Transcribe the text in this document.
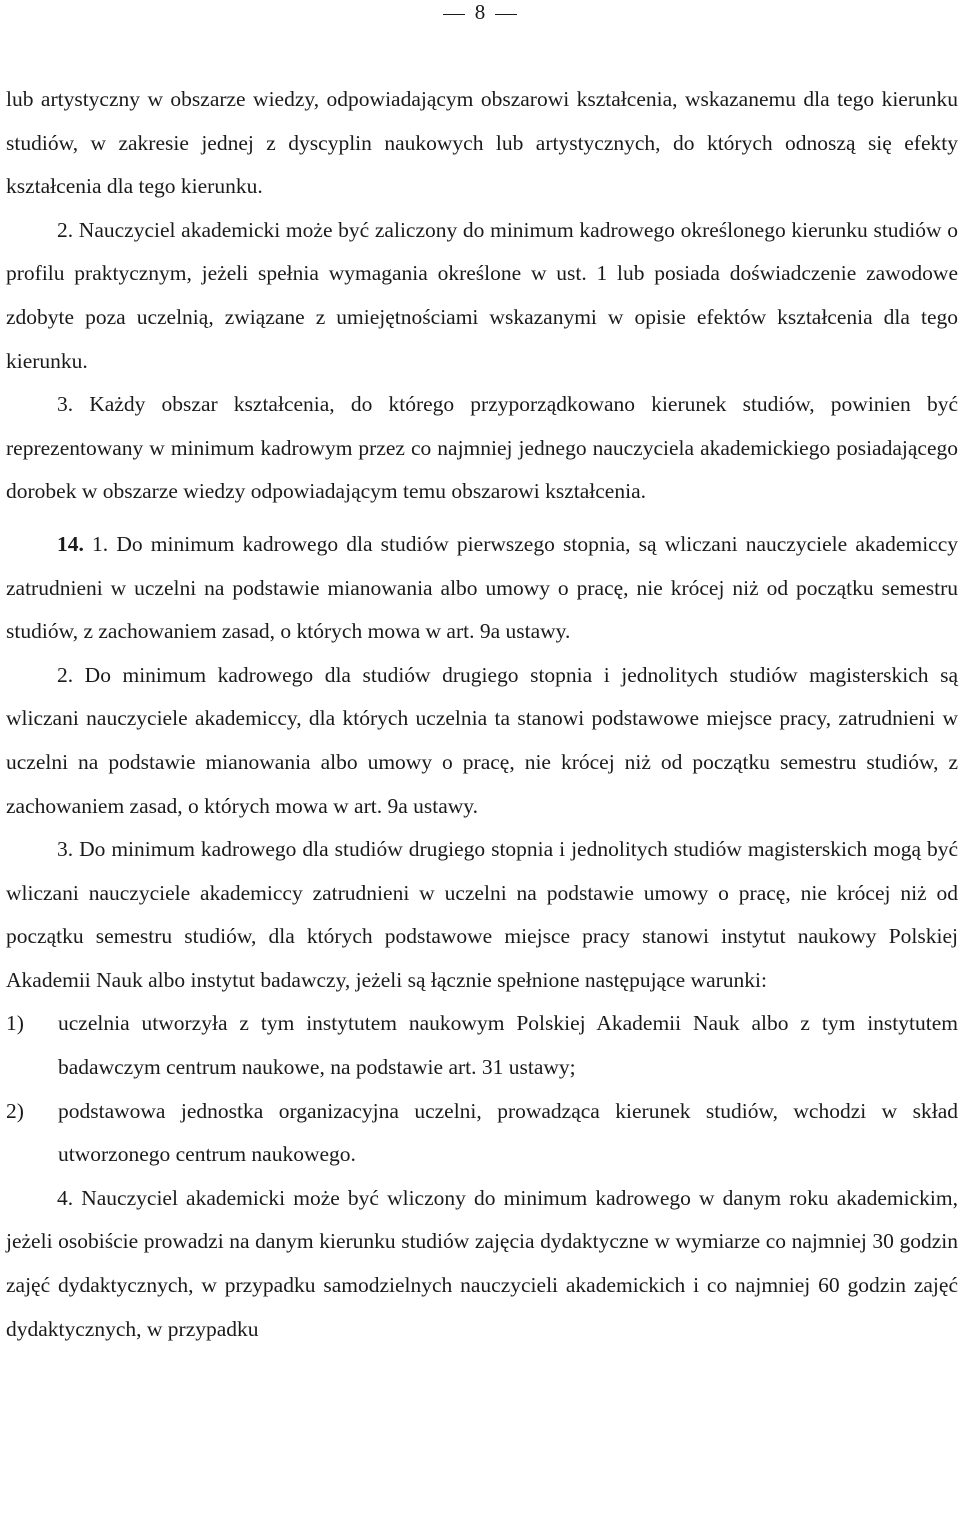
8

lub artystyczny w obszarze wiedzy, odpowiadającym obszarowi kształcenia, wskazanemu dla tego kierunku studiów, w zakresie jednej z dyscyplin naukowych lub artystycznych, do których odnoszą się efekty kształcenia dla tego kierunku.

2. Nauczyciel akademicki może być zaliczony do minimum kadrowego określonego kierunku studiów o profilu praktycznym, jeżeli spełnia wymagania określone w ust. 1 lub posiada doświadczenie zawodowe zdobyte poza uczelnią, związane z umiejętnościami wskazanymi w opisie efektów kształcenia dla tego kierunku.

3. Każdy obszar kształcenia, do którego przyporządkowano kierunek studiów, powinien być reprezentowany w minimum kadrowym przez co najmniej jednego nauczyciela akademickiego posiadającego dorobek w obszarze wiedzy odpowiadającym temu obszarowi kształcenia.

14. 1. Do minimum kadrowego dla studiów pierwszego stopnia, są wliczani nauczyciele akademiccy zatrudnieni w uczelni na podstawie mianowania albo umowy o pracę, nie krócej niż od początku semestru studiów, z zachowaniem zasad, o których mowa w art. 9a ustawy.

2. Do minimum kadrowego dla studiów drugiego stopnia i jednolitych studiów magisterskich są wliczani nauczyciele akademiccy, dla których uczelnia ta stanowi podstawowe miejsce pracy, zatrudnieni w uczelni na podstawie mianowania albo umowy o pracę, nie krócej niż od początku semestru studiów, z zachowaniem zasad, o których mowa w art. 9a ustawy.

3. Do minimum kadrowego dla studiów drugiego stopnia i jednolitych studiów magisterskich mogą być wliczani nauczyciele akademiccy zatrudnieni w uczelni na podstawie umowy o pracę, nie krócej niż od początku semestru studiów, dla których podstawowe miejsce pracy stanowi instytut naukowy Polskiej Akademii Nauk albo instytut badawczy, jeżeli są łącznie spełnione następujące warunki:

1)	uczelnia utworzyła z tym instytutem naukowym Polskiej Akademii Nauk albo z tym instytutem badawczym centrum naukowe, na podstawie art. 31 ustawy;
2)	podstawowa jednostka organizacyjna uczelni, prowadząca kierunek studiów, wchodzi w skład utworzonego centrum naukowego.

4. Nauczyciel akademicki może być wliczony do minimum kadrowego w danym roku akademickim, jeżeli osobiście prowadzi na danym kierunku studiów zajęcia dydaktyczne w wymiarze co najmniej 30 godzin zajęć dydaktycznych, w przypadku samodzielnych nauczycieli akademickich i co najmniej 60 godzin zajęć dydaktycznych, w przypadku
